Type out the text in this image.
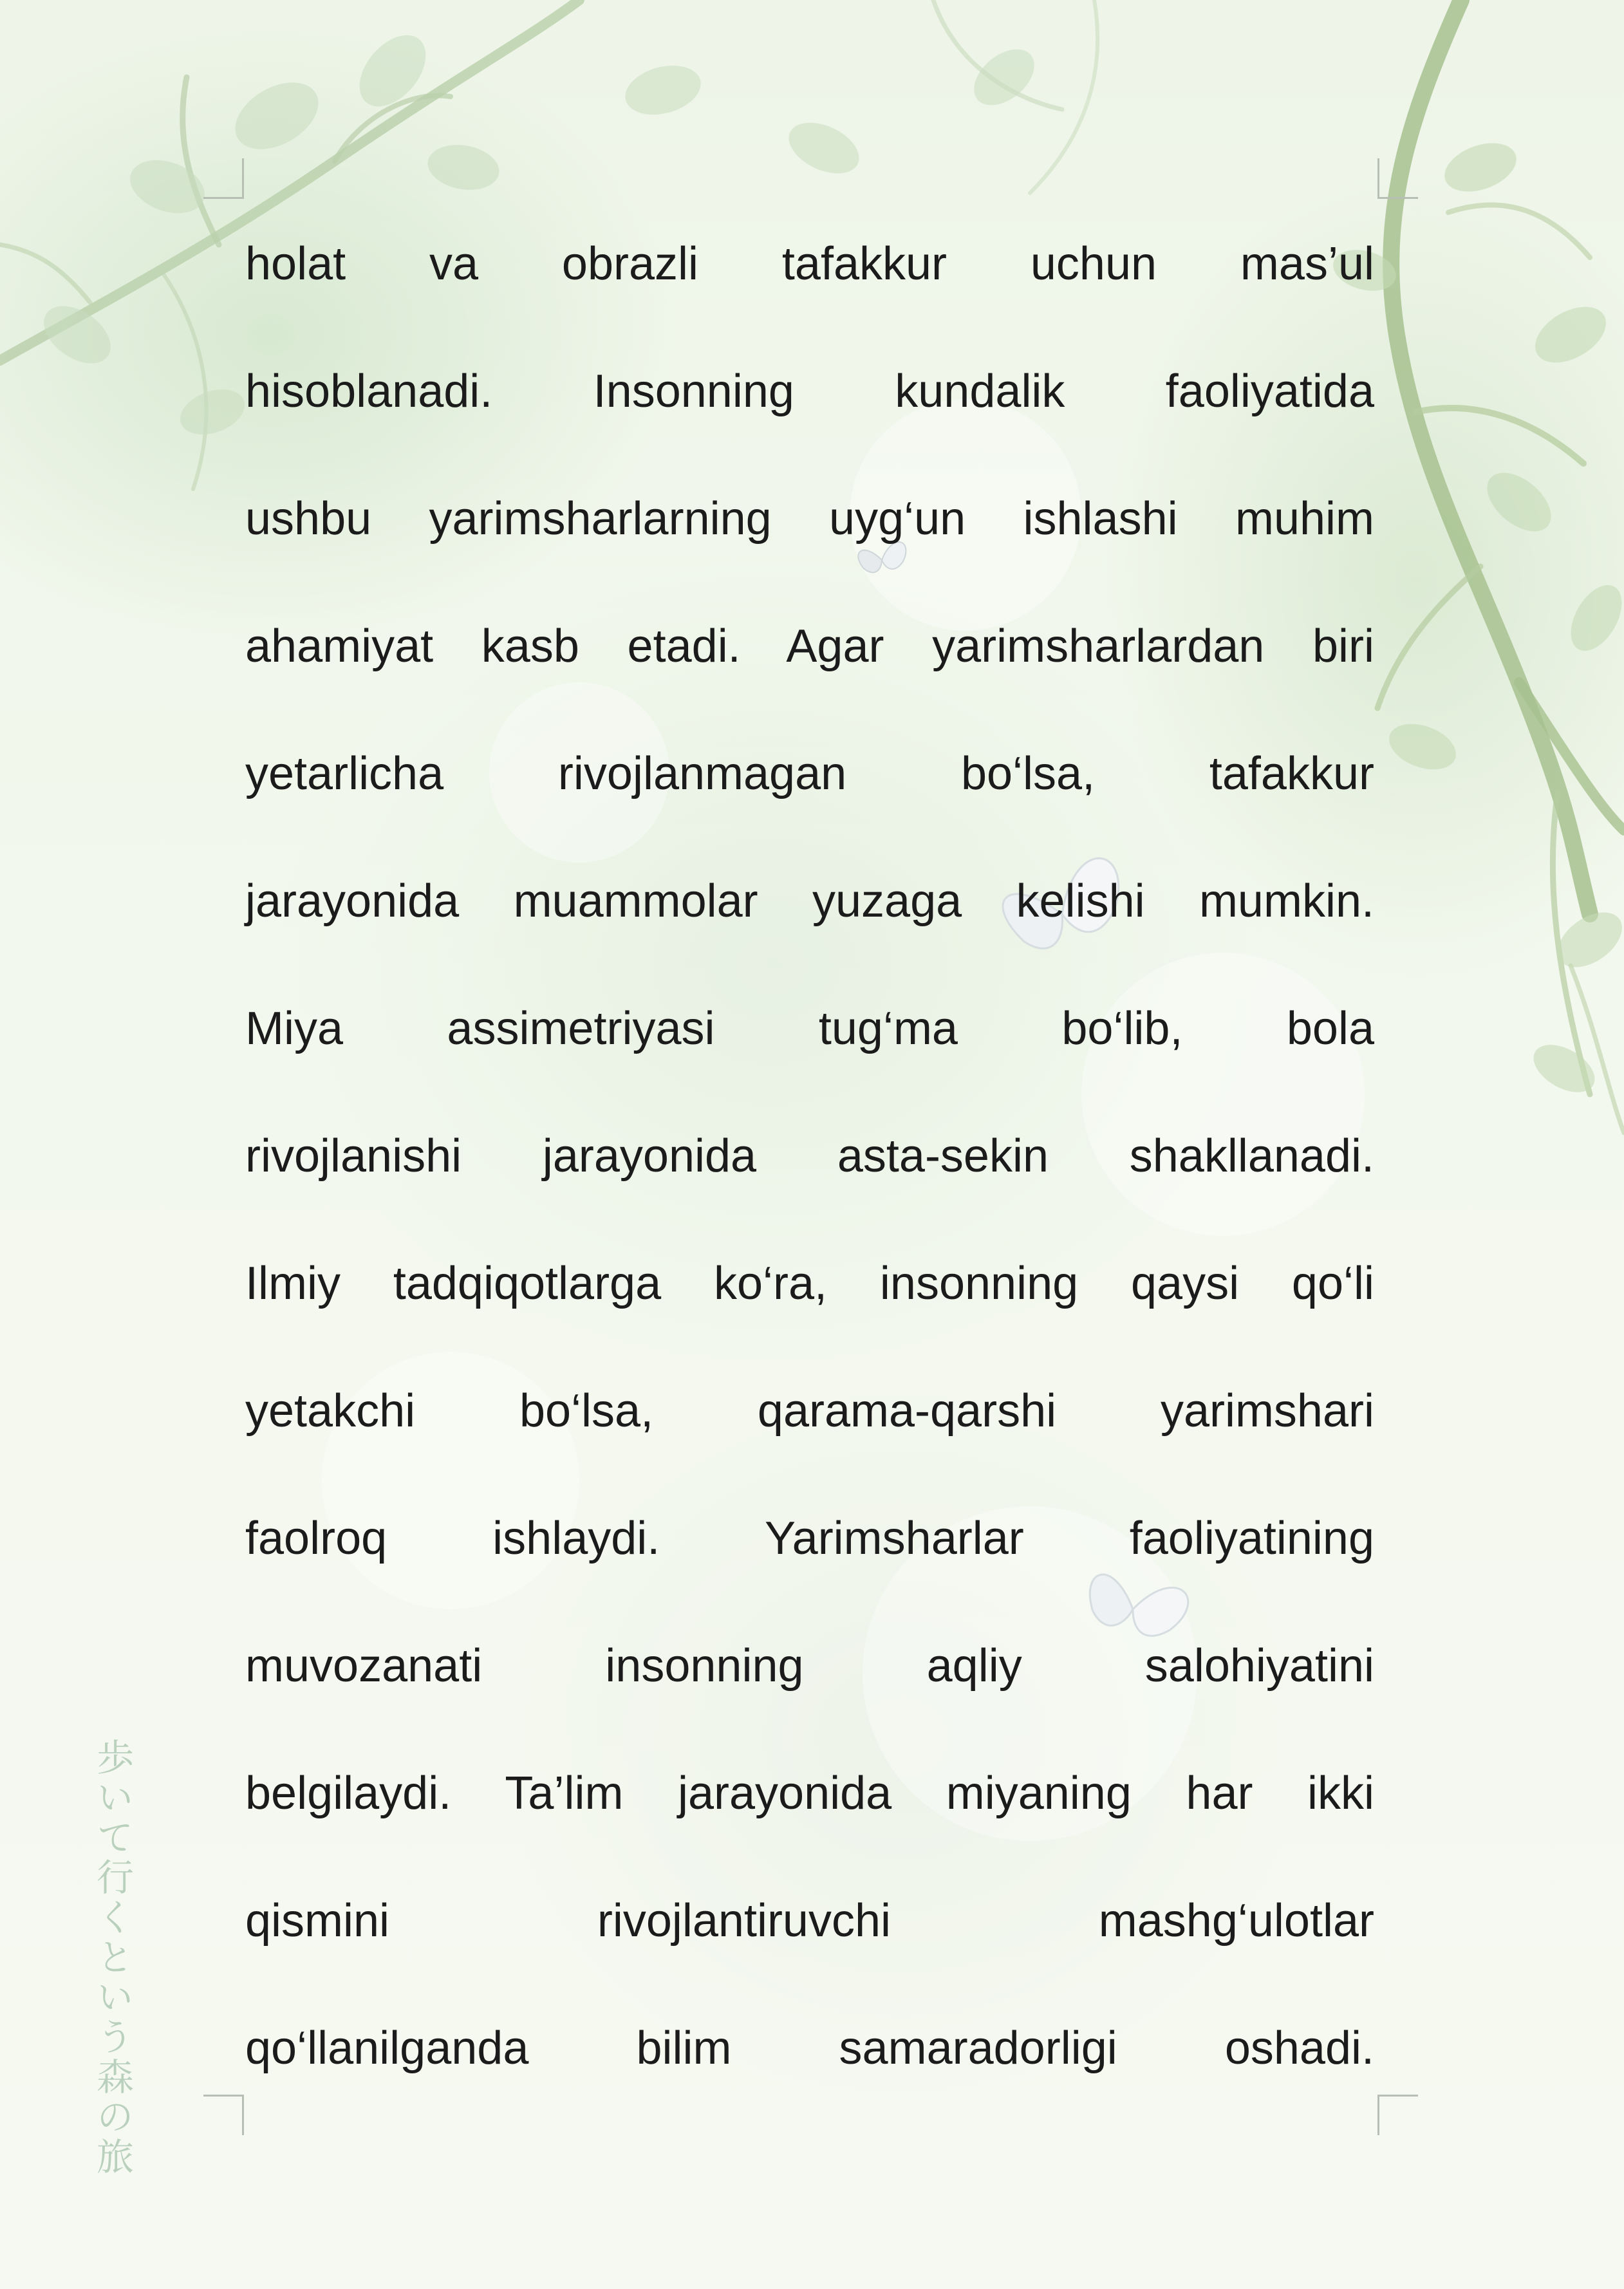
holat va obrazli tafakkur uchun mas’ul
hisoblanadi. Insonning kundalik faoliyatida
ushbu yarimsharlarning uyg‘un ishlashi muhim
ahamiyat kasb etadi. Agar yarimsharlardan biri
yetarlicha rivojlanmagan bo‘lsa, tafakkur
jarayonida muammolar yuzaga kelishi mumkin.
Miya assimetriyasi tug‘ma bo‘lib, bola
rivojlanishi jarayonida asta-sekin shakllanadi.
Ilmiy tadqiqotlarga ko‘ra, insonning qaysi qo‘li
yetakchi bo‘lsa, qarama-qarshi yarimshari
faolroq ishlaydi. Yarimsharlar faoliyatining
muvozanati insonning aqliy salohiyatini
belgilaydi. Ta’lim jarayonida miyaning har ikki
qismini rivojlantiruvchi mashg‘ulotlar
qo‘llanilganda bilim samaradorligi oshadi.

歩いて行くという森の旅
